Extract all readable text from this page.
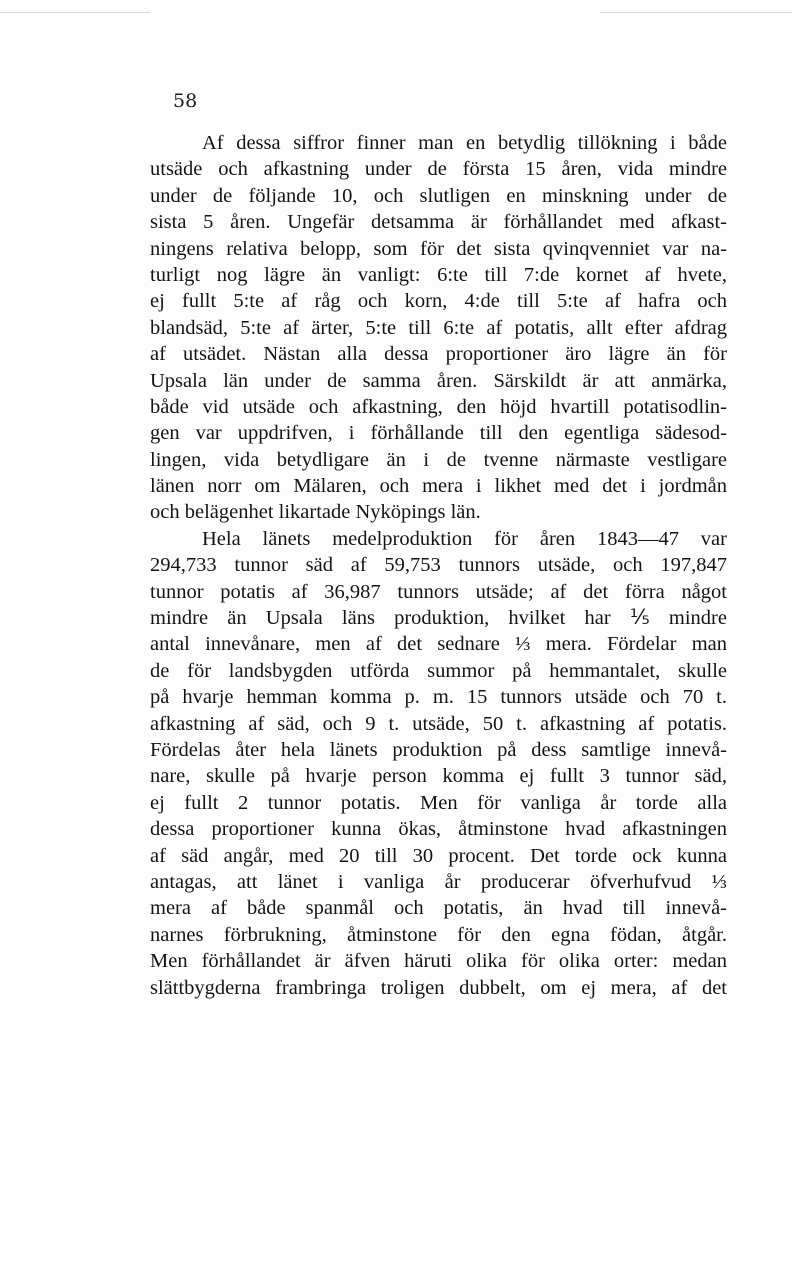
58
Af dessa siffror finner man en betydlig tillökning i både
utsäde och afkastning under de första 15 åren, vida mindre
under de följande 10, och slutligen en minskning under de
sista 5 åren. Ungefär detsamma är förhållandet med afkast-
ningens relativa belopp, som för det sista qvinqvenniet var na-
turligt nog lägre än vanligt: 6:te till 7:de kornet af hvete,
ej fullt 5:te af råg och korn, 4:de till 5:te af hafra och
blandsäd, 5:te af ärter, 5:te till 6:te af potatis, allt efter afdrag
af utsädet. Nästan alla dessa proportioner äro lägre än för
Upsala län under de samma åren. Särskildt är att anmärka,
både vid utsäde och afkastning, den höjd hvartill potatisodlin-
gen var uppdrifven, i förhållande till den egentliga sädesod-
lingen, vida betydligare än i de tvenne närmaste vestligare
länen norr om Mälaren, och mera i likhet med det i jordmån
och belägenhet likartade Nyköpings län.
Hela länets medelproduktion för åren 1843—47 var
294,733 tunnor säd af 59,753 tunnors utsäde, och 197,847
tunnor potatis af 36,987 tunnors utsäde; af det förra något
mindre än Upsala läns produktion, hvilket har ⅕ mindre
antal innevånare, men af det sednare ⅓ mera. Fördelar man
de för landsbygden utförda summor på hemmantalet, skulle
på hvarje hemman komma p. m. 15 tunnors utsäde och 70 t.
afkastning af säd, och 9 t. utsäde, 50 t. afkastning af potatis.
Fördelas åter hela länets produktion på dess samtlige innevå-
nare, skulle på hvarje person komma ej fullt 3 tunnor säd,
ej fullt 2 tunnor potatis. Men för vanliga år torde alla
dessa proportioner kunna ökas, åtminstone hvad afkastningen
af säd angår, med 20 till 30 procent. Det torde ock kunna
antagas, att länet i vanliga år producerar öfverhufvud ⅓
mera af både spanmål och potatis, än hvad till innevå-
narnes förbrukning, åtminstone för den egna födan, åtgår.
Men förhållandet är äfven häruti olika för olika orter: medan
slättbygderna frambringa troligen dubbelt, om ej mera, af det
